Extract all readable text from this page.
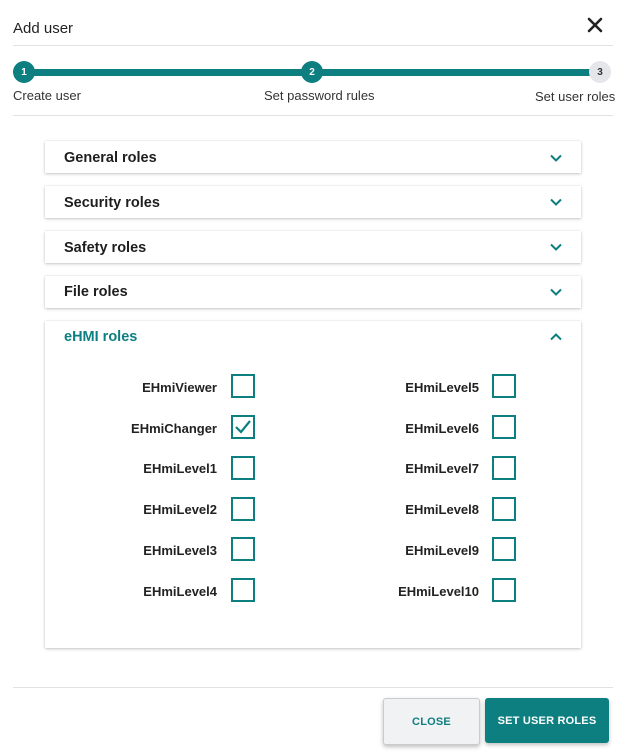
Add user
1	2	3
Create user	Set password rules	Set user roles
General roles
Security roles
Safety roles
File roles
eHMI roles
EHmiViewer
EHmiChanger
EHmiLevel1
EHmiLevel2
EHmiLevel3
EHmiLevel4
EHmiLevel5
EHmiLevel6
EHmiLevel7
EHmiLevel8
EHmiLevel9
EHmiLevel10
CLOSE	SET USER ROLES
